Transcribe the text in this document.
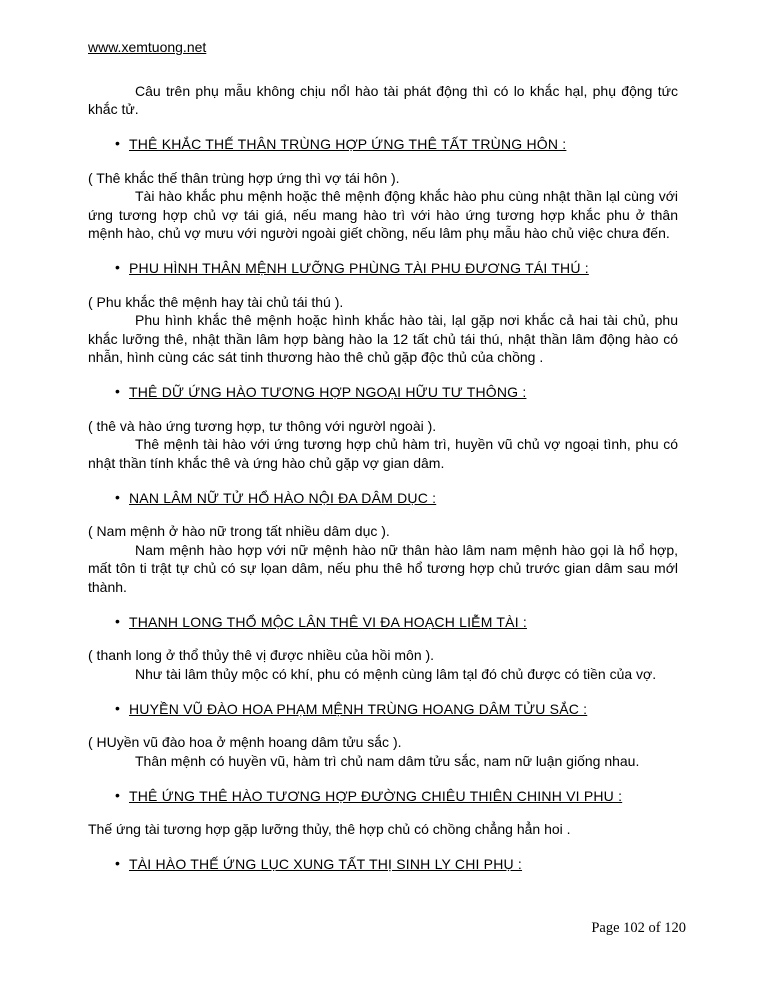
www.xemtuong.net

Câu trên phụ mẫu không chịu nổl hào tài phát động thì có lo khắc hạl, phụ động tức khắc tử.

• THÊ KHẮC THẾ THÂN TRÙNG HỢP ỨNG THÊ TẤT TRÙNG HÔN :

( Thê khắc thế thân trùng hợp ứng thì vợ tái hôn ).

Tài hào khắc phu mệnh hoặc thê mệnh động khắc hào phu cùng nhật thần lạl cùng với ứng tương hợp chủ vợ tái giá, nếu mang hào trì với hào ứng tương hợp khắc phu ở thân mệnh hào, chủ vợ mưu với người ngoài giết chồng, nếu lâm phụ mẫu hào chủ việc chưa đến.

• PHU HÌNH THÂN MỆNH LƯỠNG PHÙNG TÀI PHU ĐƯƠNG TÁI THÚ :

( Phu khắc thê mệnh hay tài chủ tái thú ).

Phu hình khắc thê mệnh hoặc hình khắc hào tài, lạl gặp nơi khắc cả hai tài chủ, phu khắc lưỡng thê, nhật thần lâm hợp bàng hào la 12 tất chủ tái thú, nhật thần lâm động hào có nhẫn, hình cùng các sát tinh thương hào thê chủ gặp độc thủ của chồng .

• THÊ DỮ ỨNG HÀO TƯƠNG HỢP NGOẠI HỮU TƯ THÔNG :

( thê và hào ứng tương hợp, tư thông với ngườl ngoài ).

Thê mệnh tài hào với ứng tương hợp chủ hàm trì, huyền vũ chủ vợ ngoại tình, phu có nhật thần tính khắc thê và ứng hào chủ gặp vợ gian dâm.

• NAN LÂM NỮ TỬ HỔ HÀO NỘI ĐA DÂM DỤC :

( Nam mệnh ở hào nữ trong tất nhiều dâm dục ).

Nam mệnh hào hợp với nữ mệnh hào nữ thân hào lâm nam mệnh hào gọi là hổ hợp, mất tôn ti trật tự chủ có sự lọan dâm, nếu phu thê hổ tương hợp chủ trước gian dâm sau mớl thành.

• THANH LONG THỔ MỘC LÂN THÊ VI ĐA HOẠCH LIỄM TÀI :

( thanh long ở thổ thủy thê vị được nhiều của hồi môn ).

Như tài lâm thủy mộc có khí, phu có mệnh cùng lâm tạl đó chủ được có tiền của vợ.

• HUYỀN VŨ ĐÀO HOA PHẠM MỆNH TRÙNG HOANG DÂM TỬU SẮC :

( HUyền vũ đào hoa ở mệnh hoang dâm tửu sắc ).

Thân mệnh có huyền vũ, hàm trì chủ nam dâm tửu sắc, nam nữ luận giống nhau.

• THÊ ỨNG THÊ HÀO TƯƠNG HỢP ĐƯỜNG CHIÊU THIÊN CHINH VI PHU :

Thế ứng tài tương hợp gặp lưỡng thủy, thê hợp chủ có chồng chẳng hẳn hoi .

• TÀI HÀO THẾ ỨNG LỤC XUNG TẤT THỊ SINH LY CHI PHỤ :
Page 102 of 120
